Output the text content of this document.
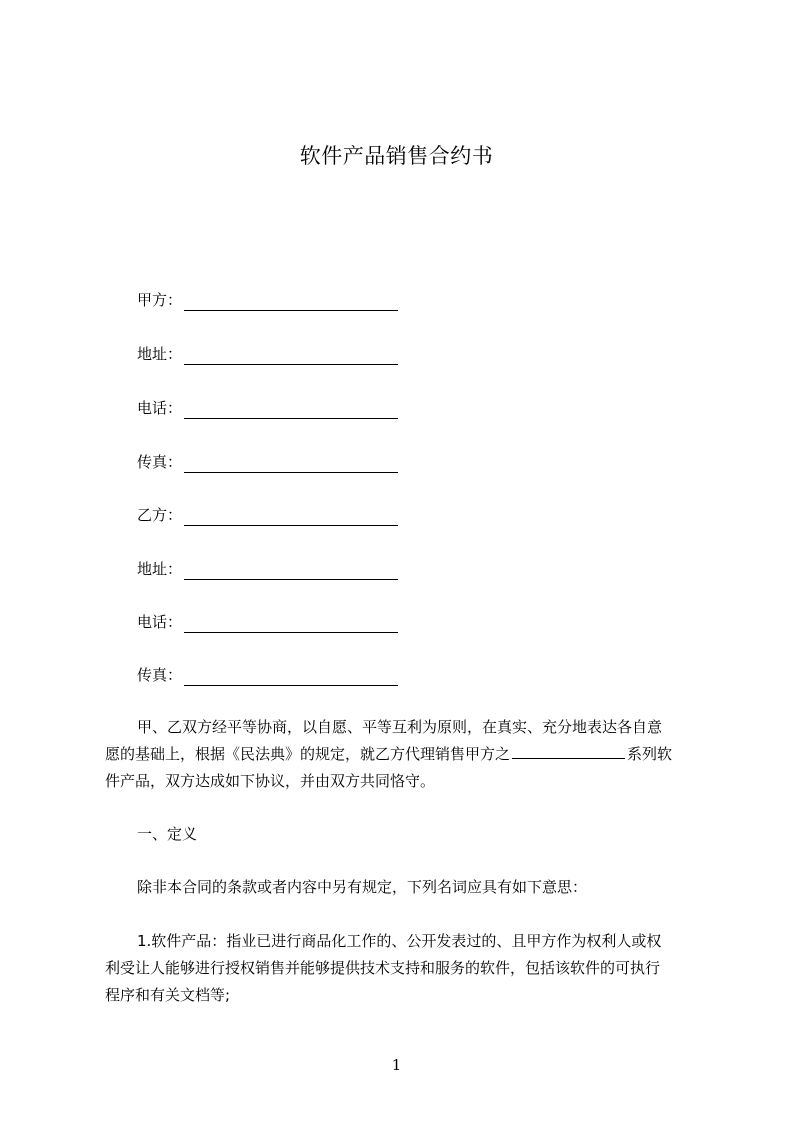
软件产品销售合约书
甲方：
地址：
电话：
传真：
乙方：
地址：
电话：
传真：
甲、乙双方经平等协商，以自愿、平等互利为原则，在真实、充分地表达各自意
愿的基础上，根据《民法典》的规定，就乙方代理销售甲方之	系列软
件产品，双方达成如下协议，并由双方共同恪守。
一、定义
除非本合同的条款或者内容中另有规定，下列名词应具有如下意思：
1.软件产品：指业已进行商品化工作的、公开发表过的、且甲方作为权利人或权
利受让人能够进行授权销售并能够提供技术支持和服务的软件，包括该软件的可执行
程序和有关文档等;
1
